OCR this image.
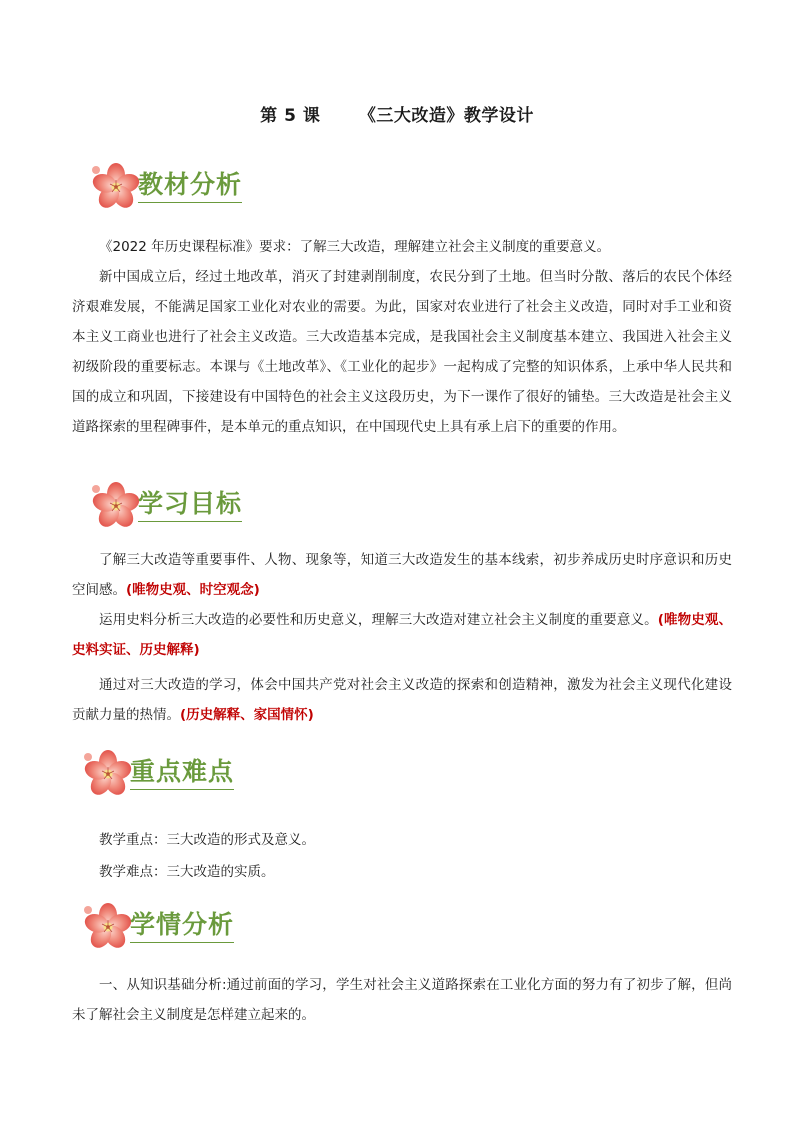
第 5 课      《三大改造》教学设计
教材分析

《2022 年历史课程标准》要求：了解三大改造，理解建立社会主义制度的重要意义。

新中国成立后，经过土地改革，消灭了封建剥削制度，农民分到了土地。但当时分散、落后的农民个体经济艰难发展，不能满足国家工业化对农业的需要。为此，国家对农业进行了社会主义改造，同时对手工业和资本主义工商业也进行了社会主义改造。三大改造基本完成，是我国社会主义制度基本建立、我国进入社会主义初级阶段的重要标志。本课与《土地改革》、《工业化的起步》一起构成了完整的知识体系，上承中华人民共和国的成立和巩固，下接建设有中国特色的社会主义这段历史，为下一课作了很好的铺垫。三大改造是社会主义道路探索的里程碑事件，是本单元的重点知识，在中国现代史上具有承上启下的重要的作用。

学习目标

了解三大改造等重要事件、人物、现象等，知道三大改造发生的基本线索，初步养成历史时序意识和历史空间感。(唯物史观、时空观念)

运用史料分析三大改造的必要性和历史意义，理解三大改造对建立社会主义制度的重要意义。(唯物史观、史料实证、历史解释)

通过对三大改造的学习，体会中国共产党对社会主义改造的探索和创造精神，激发为社会主义现代化建设贡献力量的热情。(历史解释、家国情怀)

重点难点

教学重点：三大改造的形式及意义。

教学难点：三大改造的实质。

学情分析

一、从知识基础分析:通过前面的学习，学生对社会主义道路探索在工业化方面的努力有了初步了解，但尚未了解社会主义制度是怎样建立起来的。
